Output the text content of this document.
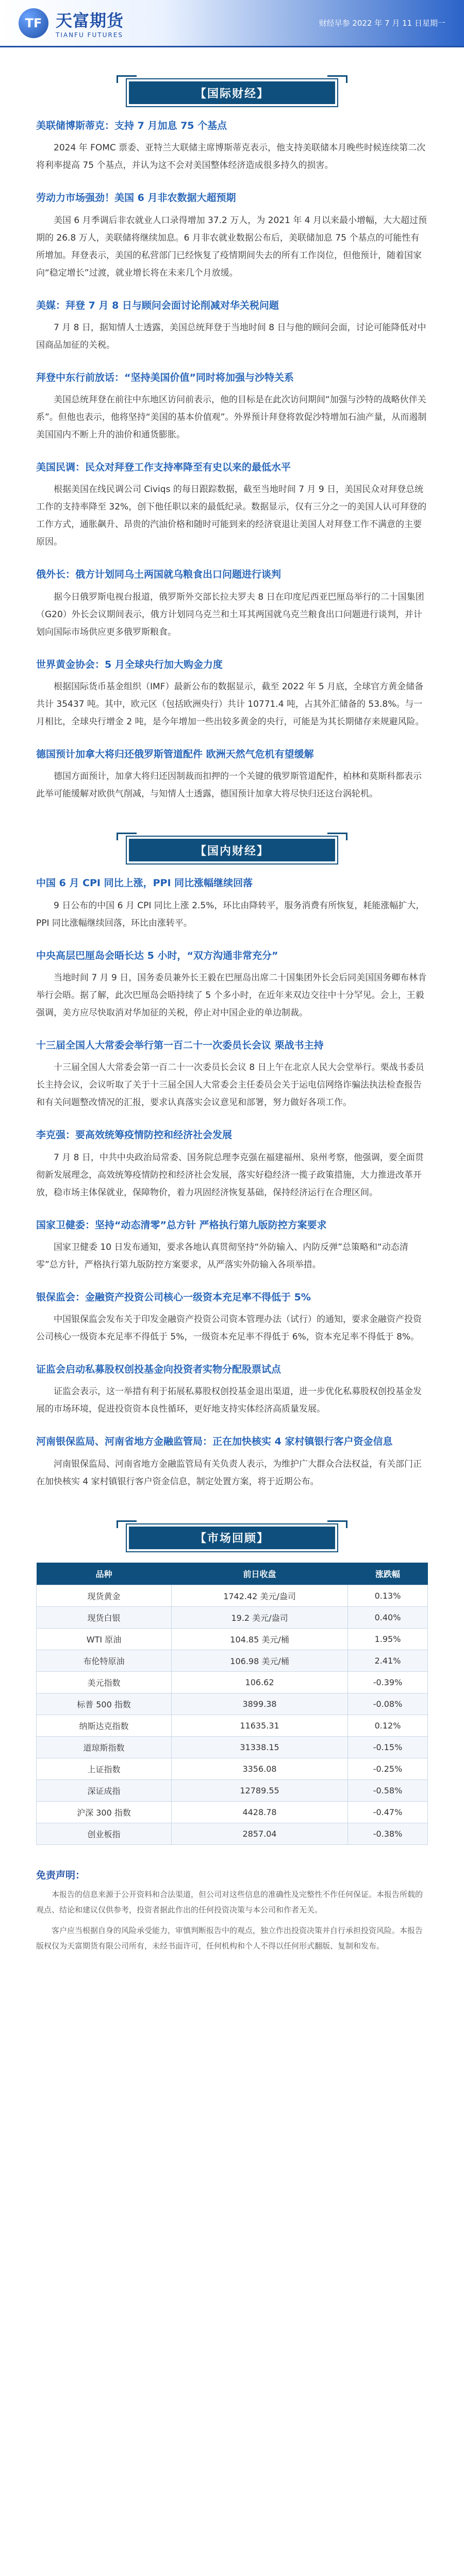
TF 天富期货
TIANFU FUTURES
财经早参 2022 年 7 月 11 日星期一
【国际财经】
美联储博斯蒂克：支持 7 月加息 75 个基点

2024 年 FOMC 票委、亚特兰大联储主席博斯蒂克表示，他支持美联储本月晚些时候连续第二次将利率提高 75 个基点，并认为这不会对美国整体经济造成很多持久的损害。

劳动力市场强劲！美国 6 月非农数据大超预期

美国 6 月季调后非农就业人口录得增加 37.2 万人，为 2021 年 4 月以来最小增幅，大大超过预期的 26.8 万人，美联储将继续加息。6 月非农就业数据公布后，美联储加息 75 个基点的可能性有所增加。拜登表示，美国的私营部门已经恢复了疫情期间失去的所有工作岗位，但他预计，随着国家向“稳定增长”过渡，就业增长将在未来几个月放缓。

美媒：拜登 7 月 8 日与顾问会面讨论削减对华关税问题

7 月 8 日，据知情人士透露，美国总统拜登于当地时间 8 日与他的顾问会面，讨论可能降低对中国商品加征的关税。

拜登中东行前放话：“坚持美国价值”同时将加强与沙特关系

美国总统拜登在前往中东地区访问前表示，他的目标是在此次访问期间“加强与沙特的战略伙伴关系”。但他也表示，他将坚持“美国的基本价值观”。外界预计拜登将敦促沙特增加石油产量，从而遏制美国国内不断上升的油价和通货膨胀。

美国民调：民众对拜登工作支持率降至有史以来的最低水平

根据美国在线民调公司 Civiqs 的每日跟踪数据，截至当地时间 7 月 9 日，美国民众对拜登总统工作的支持率降至 32%，创下他任职以来的最低纪录。数据显示，仅有三分之一的美国人认可拜登的工作方式，通胀飙升、昂贵的汽油价格和随时可能到来的经济衰退让美国人对拜登工作不满意的主要原因。

俄外长：俄方计划同乌土两国就乌粮食出口问题进行谈判

据今日俄罗斯电视台报道，俄罗斯外交部长拉夫罗夫 8 日在印度尼西亚巴厘岛举行的二十国集团（G20）外长会议期间表示，俄方计划同乌克兰和土耳其两国就乌克兰粮食出口问题进行谈判，并计划向国际市场供应更多俄罗斯粮食。

世界黄金协会：5 月全球央行加大购金力度

根据国际货币基金组织（IMF）最新公布的数据显示，截至 2022 年 5 月底，全球官方黄金储备共计 35437 吨。其中，欧元区（包括欧洲央行）共计 10771.4 吨，占其外汇储备的 53.8%。与一月相比，全球央行增金 2 吨，是今年增加一些出较多黄金的央行，可能是为其长期储存来规避风险。

德国预计加拿大将归还俄罗斯管道配件 欧洲天然气危机有望缓解

德国方面预计，加拿大将归还因制裁而扣押的一个关键的俄罗斯管道配件，柏林和莫斯科都表示此举可能缓解对欧供气削减，与知情人士透露，德国预计加拿大将尽快归还这台涡轮机。

【国内财经】
中国 6 月 CPI 同比上涨，PPI 同比涨幅继续回落

9 日公布的中国 6 月 CPI 同比上涨 2.5%，环比由降转平，服务消费有所恢复，耗能涨幅扩大，PPI 同比涨幅继续回落，环比由涨转平。

中央高层巴厘岛会晤长达 5 小时，“双方沟通非常充分”

当地时间 7 月 9 日，国务委员兼外长王毅在巴厘岛出席二十国集团外长会后同美国国务卿布林肯举行会晤。据了解，此次巴厘岛会晤持续了 5 个多小时，在近年来双边交往中十分罕见。会上，王毅强调，美方应尽快取消对华加征的关税，停止对中国企业的单边制裁。

十三届全国人大常委会举行第一百二十一次委员长会议 栗战书主持

十三届全国人大常委会第一百二十一次委员长会议 8 日上午在北京人民大会堂举行。栗战书委员长主持会议，会议听取了关于十三届全国人大常委会主任委员会关于运电信网络诈骗法执法检查报告和有关问题整改情况的汇报，要求认真落实会议意见和部署，努力做好各项工作。

李克强：要高效统筹疫情防控和经济社会发展

7 月 8 日，中共中央政治局常委、国务院总理李克强在福建福州、泉州考察，他强调，要全面贯彻新发展理念，高效统筹疫情防控和经济社会发展，落实好稳经济一揽子政策措施，大力推进改革开放，稳市场主体保就业，保障物价，着力巩固经济恢复基础，保持经济运行在合理区间。

国家卫健委：坚持“动态清零”总方针 严格执行第九版防控方案要求

国家卫健委 10 日发布通知，要求各地认真贯彻坚持“外防输入、内防反弹”总策略和“动态清零”总方针，严格执行第九版防控方案要求，从严落实外防输入各项举措。

银保监会：金融资产投资公司核心一级资本充足率不得低于 5%

中国银保监会发布关于印发金融资产投资公司资本管理办法（试行）的通知，要求金融资产投资公司核心一级资本充足率不得低于 5%，一级资本充足率不得低于 6%，资本充足率不得低于 8%。

证监会启动私募股权创投基金向投资者实物分配股票试点

证监会表示，这一举措有利于拓展私募股权创投基金退出渠道，进一步优化私募股权创投基金发展的市场环境，促进投资资本良性循环，更好地支持实体经济高质量发展。

河南银保监局、河南省地方金融监管局：正在加快核实 4 家村镇银行客户资金信息

河南银保监局、河南省地方金融监管局有关负责人表示，为维护广大群众合法权益，有关部门正在加快核实 4 家村镇银行客户资金信息，制定处置方案，将于近期公布。

【市场回顾】
品种	前日收盘	涨跌幅
现货黄金	1742.42 美元/盎司	0.13%
现货白银	19.2 美元/盎司	0.40%
WTI 原油	104.85 美元/桶	1.95%
布伦特原油	106.98 美元/桶	2.41%
美元指数	106.62	-0.39%
标普 500 指数	3899.38	-0.08%
纳斯达克指数	11635.31	0.12%
道琼斯指数	31338.15	-0.15%
上证指数	3356.08	-0.25%
深证成指	12789.55	-0.58%
沪深 300 指数	4428.78	-0.47%
创业板指	2857.04	-0.38%
免责声明：

本报告的信息来源于公开资料和合法渠道，但公司对这些信息的准确性及完整性不作任何保证。本报告所载的观点、结论和建议仅供参考，投资者据此作出的任何投资决策与本公司和作者无关。

客户应当根据自身的风险承受能力，审慎判断报告中的观点，独立作出投资决策并自行承担投资风险。本报告版权仅为天富期货有限公司所有，未经书面许可，任何机构和个人不得以任何形式翻版、复制和发布。
